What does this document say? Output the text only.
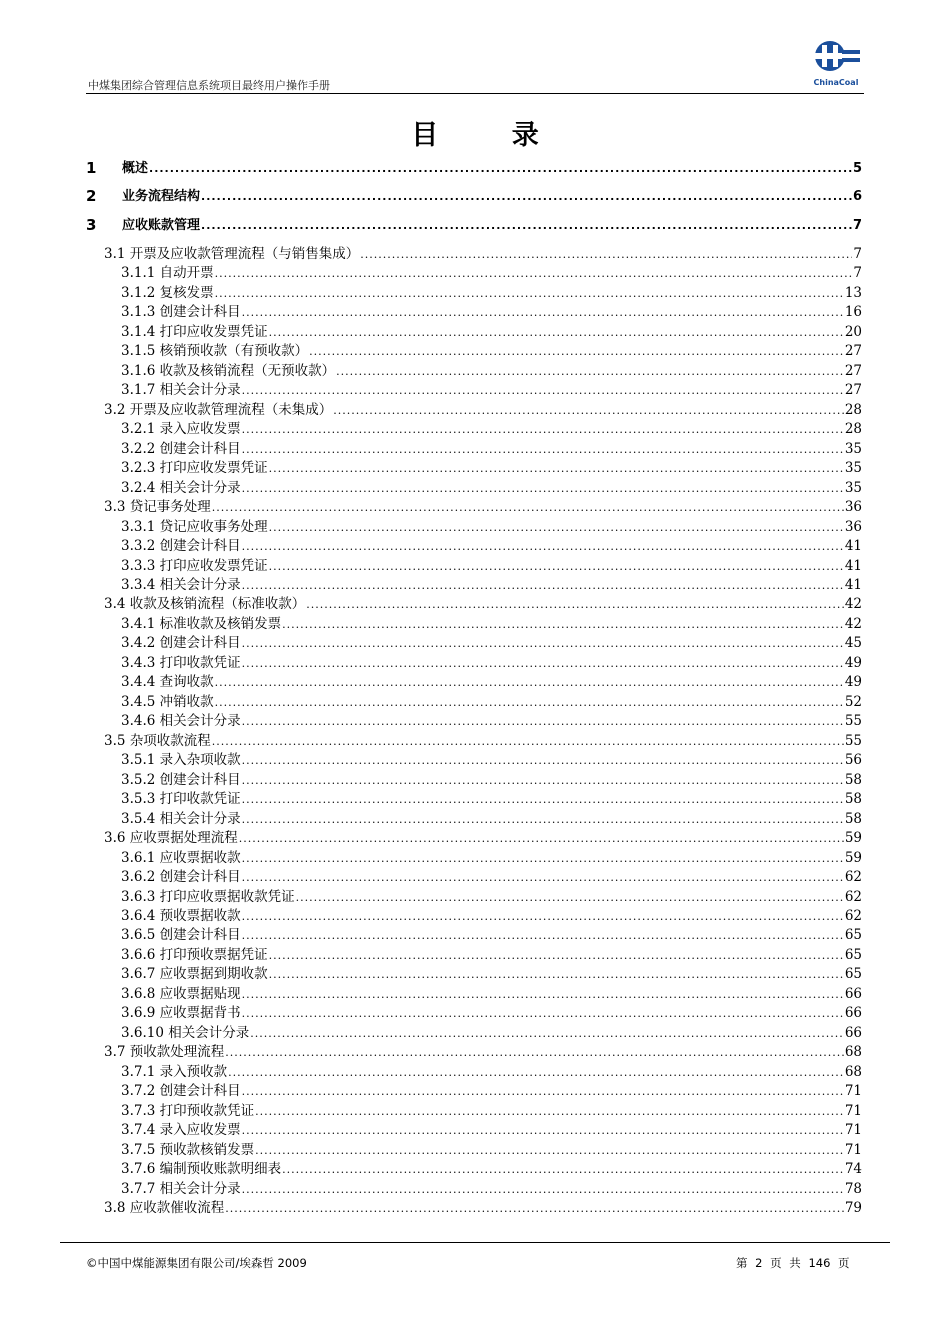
中煤集团综合管理信息系统项目最终用户操作手册	ChinaCoal
目 录
1 概述 .....	5
2 业务流程结构 .....	6
3 应收账款管理 .....	7
3.1 开票及应收款管理流程（与销售集成） .....	7
3.1.1 自动开票 .....	7
3.1.2 复核发票 .....	13
3.1.3 创建会计科目 .....	16
3.1.4 打印应收发票凭证 .....	20
3.1.5 核销预收款（有预收款） .....	27
3.1.6 收款及核销流程（无预收款） .....	27
3.1.7 相关会计分录 .....	27
3.2 开票及应收款管理流程（未集成） .....	28
3.2.1 录入应收发票 .....	28
3.2.2 创建会计科目 .....	35
3.2.3 打印应收发票凭证 .....	35
3.2.4 相关会计分录 .....	35
3.3 贷记事务处理 .....	36
3.3.1 贷记应收事务处理 .....	36
3.3.2 创建会计科目 .....	41
3.3.3 打印应收发票凭证 .....	41
3.3.4 相关会计分录 .....	41
3.4 收款及核销流程（标准收款） .....	42
3.4.1 标准收款及核销发票 .....	42
3.4.2 创建会计科目 .....	45
3.4.3 打印收款凭证 .....	49
3.4.4 查询收款 .....	49
3.4.5 冲销收款 .....	52
3.4.6 相关会计分录 .....	55
3.5 杂项收款流程 .....	55
3.5.1 录入杂项收款 .....	56
3.5.2 创建会计科目 .....	58
3.5.3 打印收款凭证 .....	58
3.5.4 相关会计分录 .....	58
3.6 应收票据处理流程 .....	59
3.6.1 应收票据收款 .....	59
3.6.2 创建会计科目 .....	62
3.6.3 打印应收票据收款凭证 .....	62
3.6.4 预收票据收款 .....	62
3.6.5 创建会计科目 .....	65
3.6.6 打印预收票据凭证 .....	65
3.6.7 应收票据到期收款 .....	65
3.6.8 应收票据贴现 .....	66
3.6.9 应收票据背书 .....	66
3.6.10 相关会计分录 .....	66
3.7 预收款处理流程 .....	68
3.7.1 录入预收款 .....	68
3.7.2 创建会计科目 .....	71
3.7.3 打印预收款凭证 .....	71
3.7.4 录入应收发票 .....	71
3.7.5 预收款核销发票 .....	71
3.7.6 编制预收账款明细表 .....	74
3.7.7 相关会计分录 .....	78
3.8 应收款催收流程 .....	79
©中国中煤能源集团有限公司/埃森哲 2009	第 2 页 共 146 页
